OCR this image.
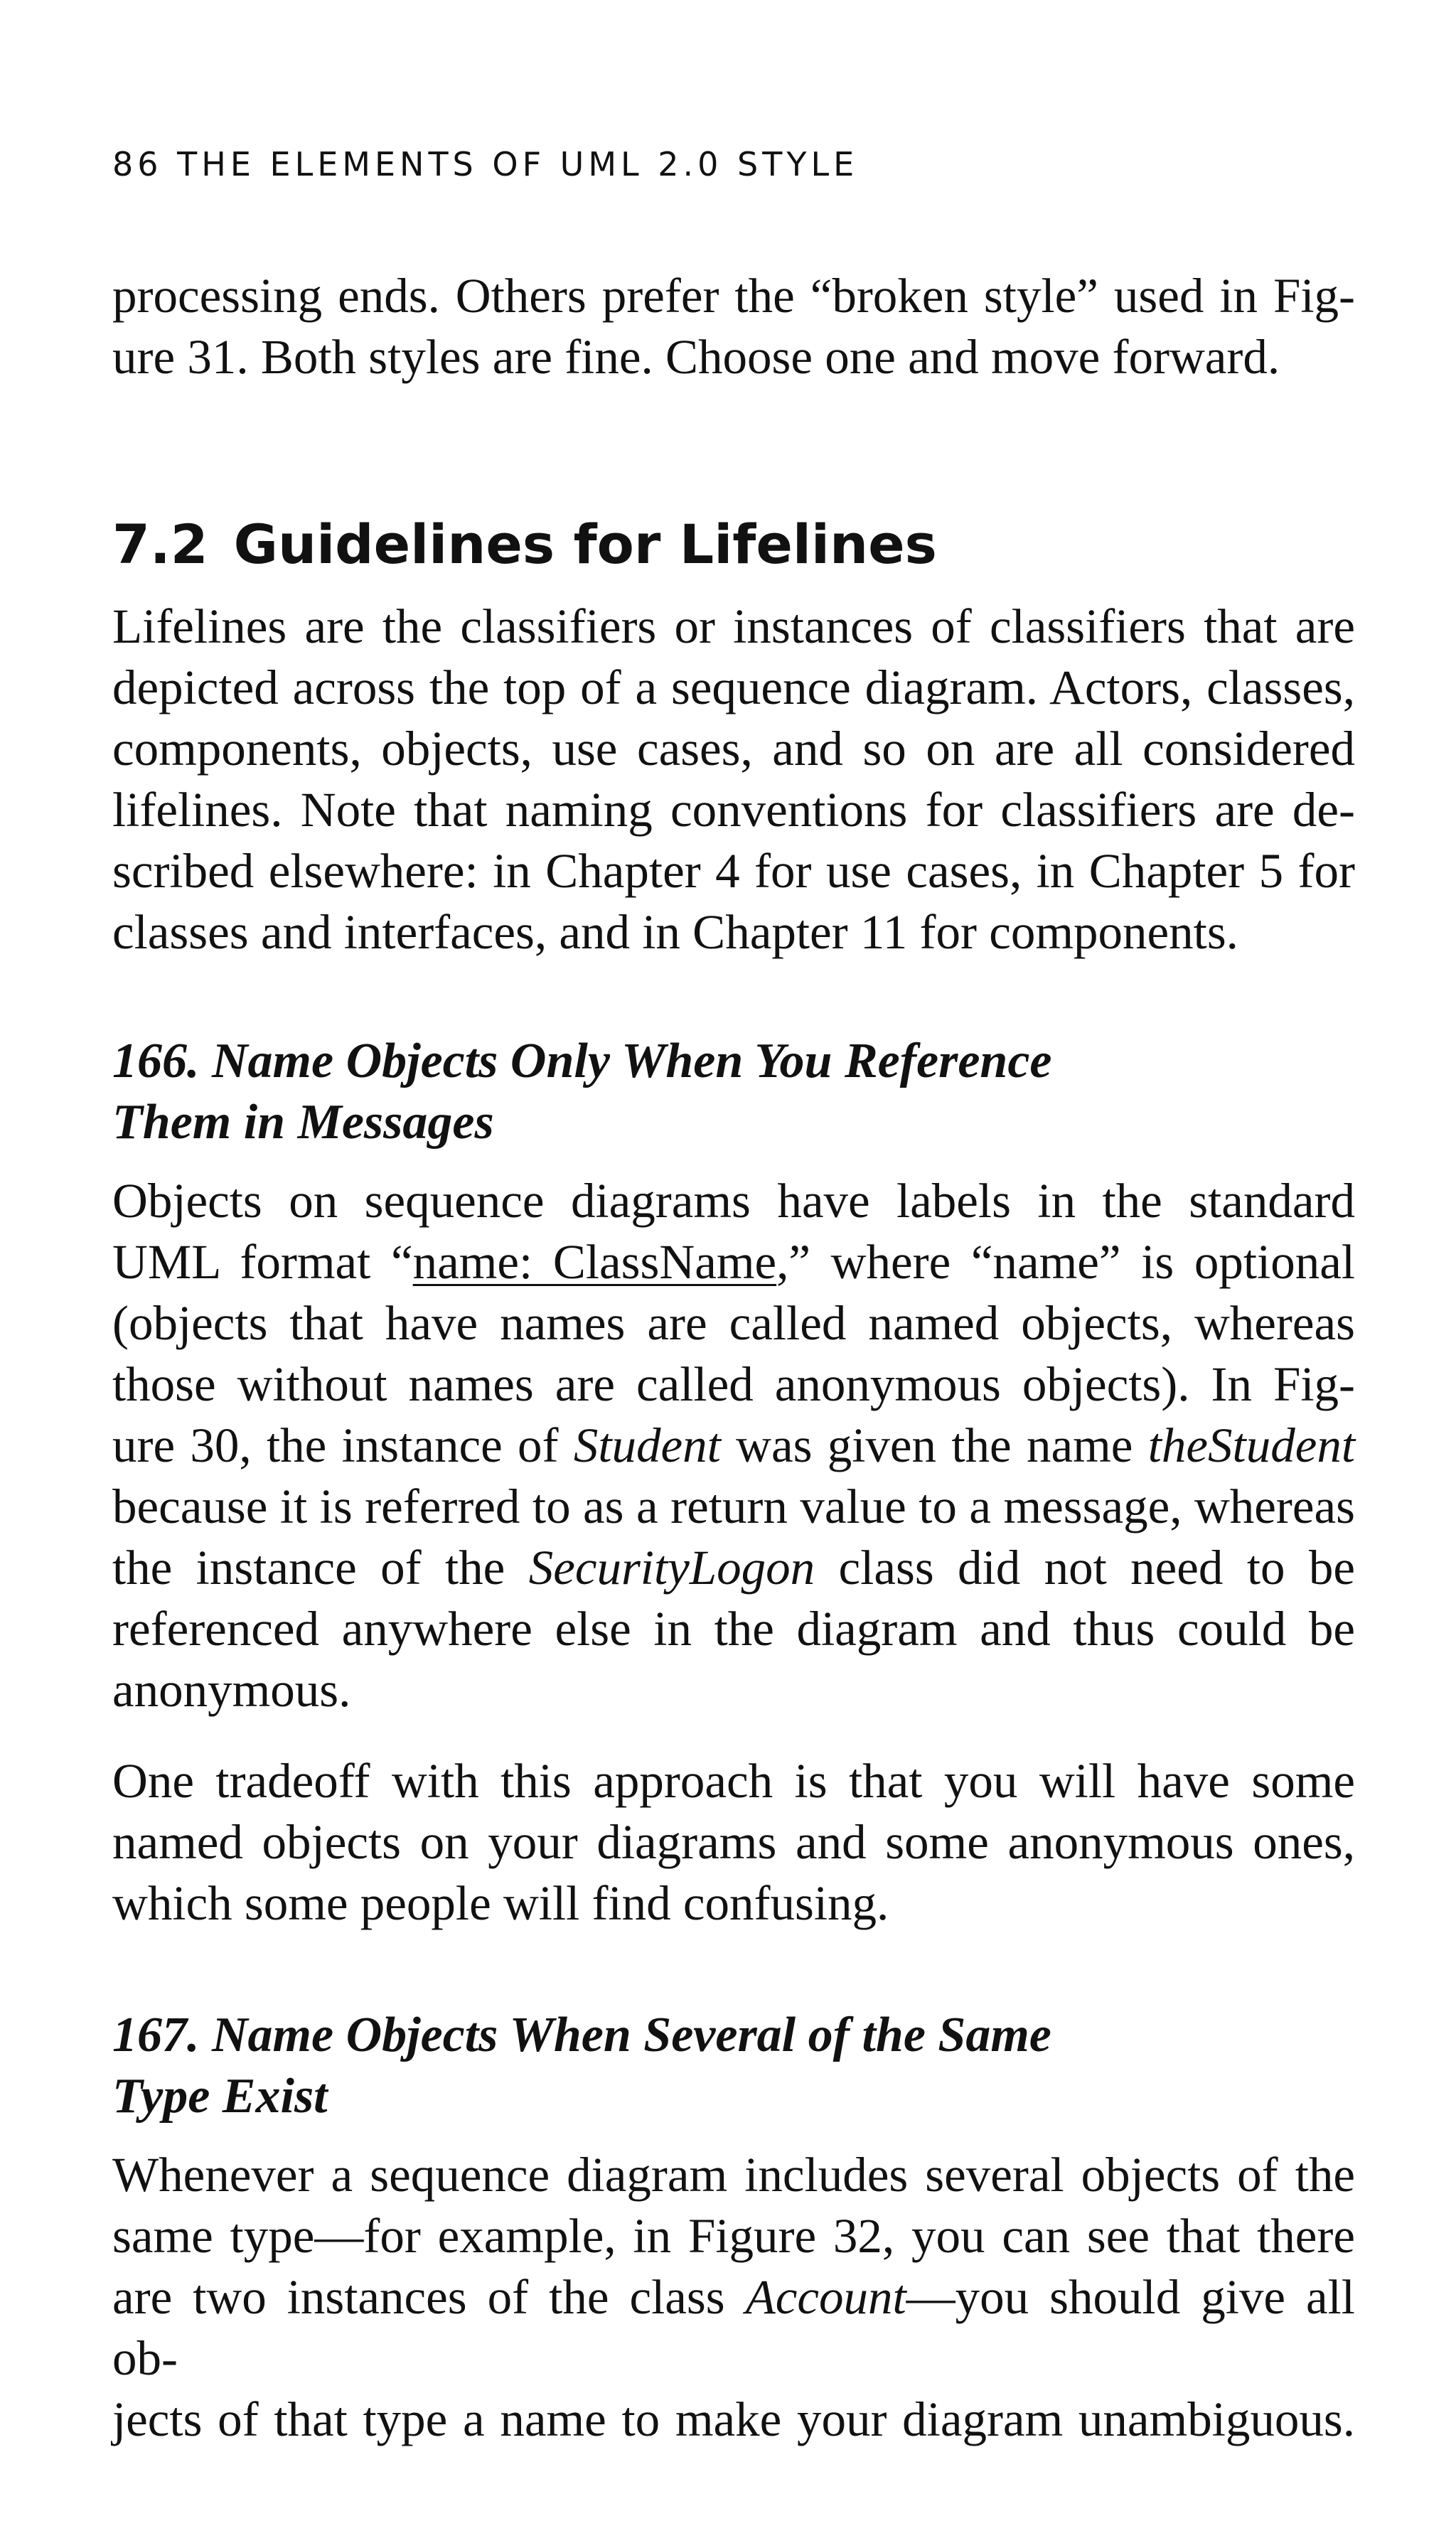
86 THE ELEMENTS OF UML 2.0 STYLE

processing ends. Others prefer the “broken style” used in Fig-
ure 31. Both styles are fine. Choose one and move forward.

7.2 Guidelines for Lifelines

Lifelines are the classifiers or instances of classifiers that are
depicted across the top of a sequence diagram. Actors, classes,
components, objects, use cases, and so on are all considered
lifelines. Note that naming conventions for classifiers are de-
scribed elsewhere: in Chapter 4 for use cases, in Chapter 5 for
classes and interfaces, and in Chapter 11 for components.

166. Name Objects Only When You Reference
Them in Messages

Objects on sequence diagrams have labels in the standard
UML format “name: ClassName,” where “name” is optional
(objects that have names are called named objects, whereas
those without names are called anonymous objects). In Fig-
ure 30, the instance of Student was given the name theStudent
because it is referred to as a return value to a message, whereas
the instance of the SecurityLogon class did not need to be
referenced anywhere else in the diagram and thus could be
anonymous.

One tradeoff with this approach is that you will have some
named objects on your diagrams and some anonymous ones,
which some people will find confusing.

167. Name Objects When Several of the Same
Type Exist

Whenever a sequence diagram includes several objects of the
same type—for example, in Figure 32, you can see that there
are two instances of the class Account—you should give all ob-
jects of that type a name to make your diagram unambiguous.
